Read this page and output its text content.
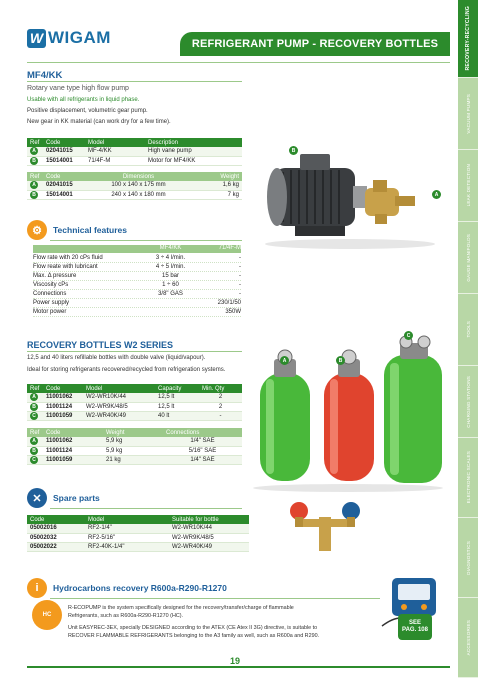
RECOVERY-RECYCLING
VACUUM PUMPS
LEAK DETECTION
GAUGE MANIFOLDS
TOOLS
CHARGING STATIONS
ELECTRONIC SCALES
DIAGNOSTICS
ACCESSORIES
W WIGAM	REFRIGERANT PUMP - RECOVERY BOTTLES
MF4/KK
Rotary vane type high flow pump
Usable with all refrigerants in liquid phase.
Positive displacement, volumetric gear pump.
New gear in KK material (can work dry for a few time).
Ref	Code	Model	Description
A	02041015	MF-4/KK	High vane pump
B	15014001	71/4F-M	Motor for MF4/KK
Ref	Code	Dimensions	Weight
A	02041015	100 x 140 x 175 mm	1,6 kg
B	15014001	240 x 140 x 180 mm	7 kg
B
A
⚙	Technical features
MF4/KK	71/4F-M
Flow rate with 20 cPs fluid	3 ÷ 4 l/min.	-
Flow reate with lubricant	4 ÷ 5 l/min.	-
Max. Δ pressure	15 bar	-
Viscosity cPs	1 ÷ 60	-
Connections	3/8" GAS	-
Power supply	230/1/50
Motor power	350W
RECOVERY BOTTLES W2 SERIES
12,5 and 40 liters refillable bottles with double valve (liquid/vapour).
Ideal for storing refrigerants recovered/recycled from refrigeration systems.
Ref	Code	Model	Capacity	Min. Qty
A	11001062	W2-WR10K/44	12,5 lt	2
B	11001124	W2-WR9K/48/5	12,5 lt	2
C	11001059	W2-WR40K/49	40 lt	-
Ref	Code	Weight	Connections
A	11001062	5,9 kg	1/4" SAE
B	11001124	5,9 kg	5/16" SAE
C	11001059	21 kg	1/4" SAE
A	B
C
✕	Spare parts
Code	Model	Suitable for bottle
05002016	RF2-1/4"	W2-WR10K/44
05002032	RF2-5/16"	W2-WR9K/48/5
05002022	RF2-40K-1/4"	W2-WR40K/49
i	Hydrocarbons recovery R600a-R290-R1270
HC
R-ECOPUMP is the system specifically designed for the recovery/transfer/charge of flammable
Refrigerants, such as R600a-R290-R1270 (HC).
Unit EASYREC-3EX, specially DESIGNED according to the ATEX (CE Atex II 3G) directive, is suitable to
RECOVER FLAMMABLE REFRIGERANTS belonging to the A3 family as well, such as R600a and R290.
SEE
PAG. 108
19
